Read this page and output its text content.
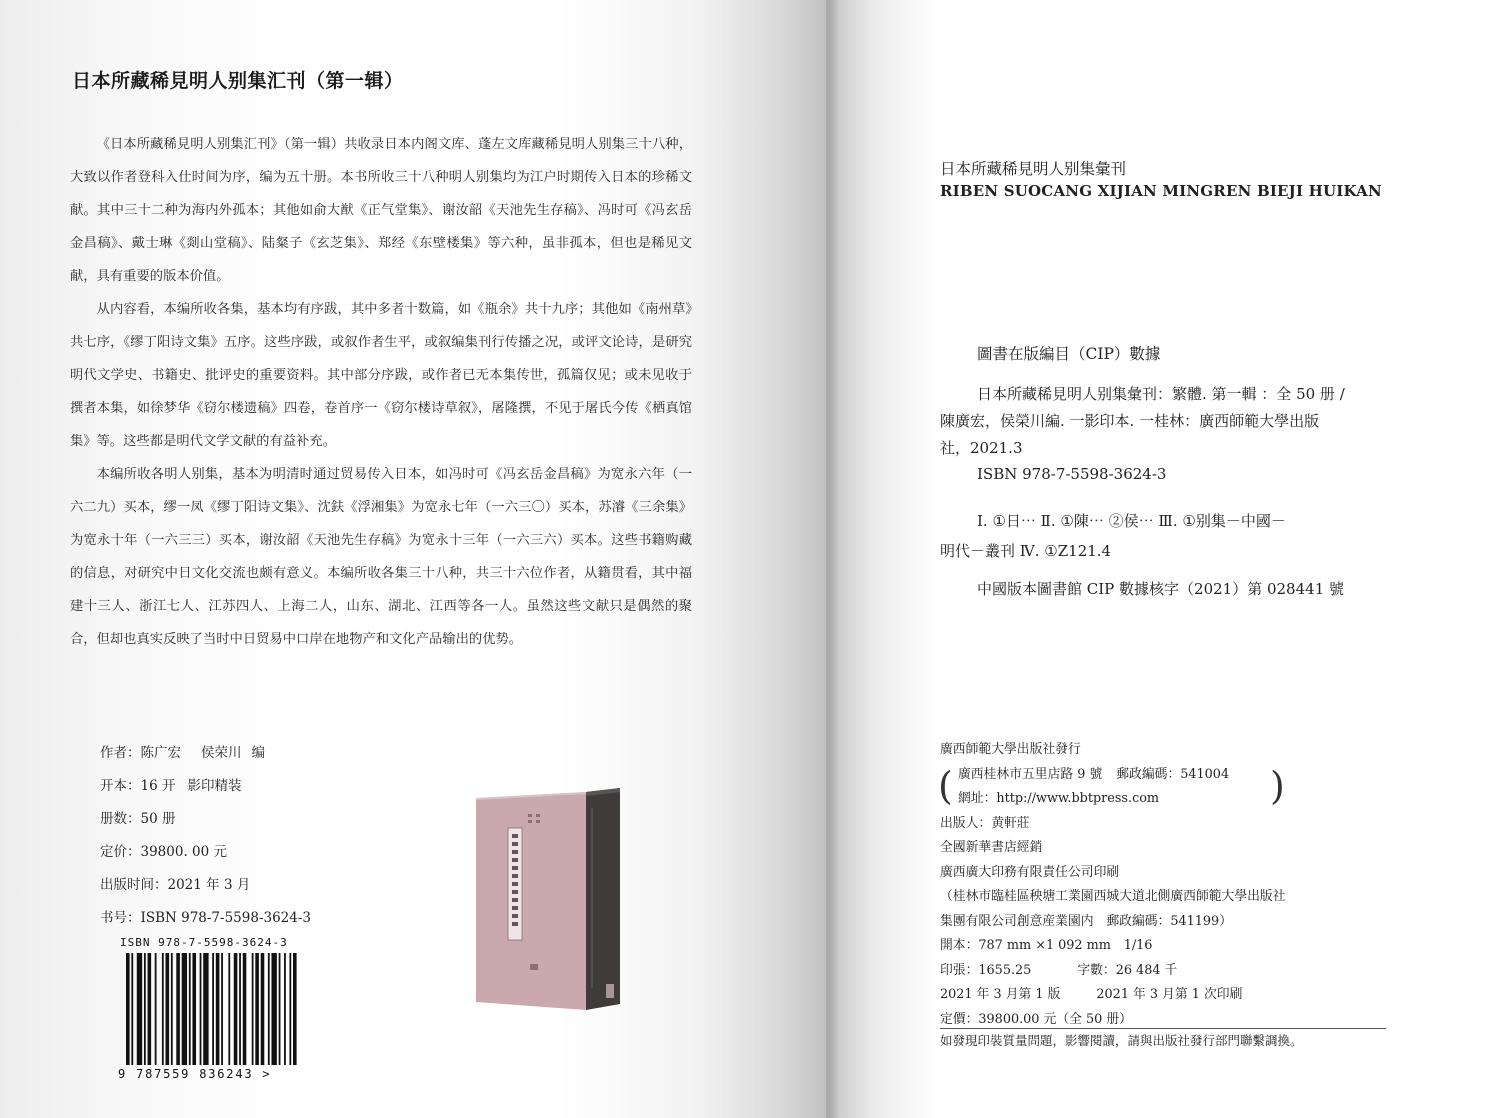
日本所藏稀見明人别集汇刊（第一辑）

《日本所藏稀見明人别集汇刊》（第一辑）共收录日本内阁文库、蓬左文库藏稀見明人别集三十八种，大致以作者登科入仕时间为序，编为五十册。本书所收三十八种明人别集均为江户时期传入日本的珍稀文献。其中三十二种为海内外孤本；其他如俞大猷《正气堂集》、谢汝韶《天池先生存稿》、冯时可《冯玄岳金昌稿》、戴士琳《剡山堂稿》、陆粲子《玄芝集》、郑经《东壁楼集》等六种，虽非孤本，但也是稀见文献，具有重要的版本价值。

从内容看，本编所收各集，基本均有序跋，其中多者十数篇，如《瓶余》共十九序；其他如《南州草》共七序，《缪丁阳诗文集》五序。这些序跋，或叙作者生平，或叙编集刊行传播之况，或评文论诗，是研究明代文学史、书籍史、批评史的重要资料。其中部分序跋，或作者已无本集传世，孤篇仅见；或未见收于撰者本集，如徐梦华《窃尔楼遗稿》四卷，卷首序一《窃尔楼诗草叙》，屠隆撰，不见于屠氏今传《栖真馆集》等。这些都是明代文学文献的有益补充。

本编所收各明人别集，基本为明清时通过贸易传入日本，如冯时可《冯玄岳金昌稿》为宽永六年（一六二九）买本，缪一凤《缪丁阳诗文集》、沈鈇《浮湘集》为宽永七年（一六三〇）买本，苏濬《三余集》为宽永十年（一六三三）买本，谢汝韶《天池先生存稿》为宽永十三年（一六三六）买本。这些书籍购藏的信息，对研究中日文化交流也颇有意义。本编所收各集三十八种，共三十六位作者，从籍贯看，其中福建十三人、浙江七人、江苏四人、上海二人，山东、湖北、江西等各一人。虽然这些文献只是偶然的聚合，但却也真实反映了当时中日贸易中口岸在地物产和文化产品输出的优势。

作者：陈广宏 侯荣川 编
开本：16 开 影印精装
册数：50 册
定价：39800. 00 元
出版时间：2021 年 3 月
书号：ISBN 978-7-5598-3624-3
ISBN 978-7-5598-3624-3
9 787559 836243 >
日本所藏稀見明人别集彙刊
RIBEN SUOCANG XIJIAN MINGREN BIEJI HUIKAN
圖書在版編目（CIP）數據
日本所藏稀見明人别集彙刊：繁體. 第一輯 ：全 50 册 /
陳廣宏，侯榮川編. 一影印本. 一桂林：廣西師範大學出版
社，2021.3
ISBN 978-7-5598-3624-3
Ⅰ. ①日⋯ Ⅱ. ①陳⋯ ②侯⋯ Ⅲ. ①别集－中國－
明代－叢刊 Ⅳ. ①Z121.4
中國版本圖書館 CIP 數據核字（2021）第 028441 號
廣西師範大學出版社發行
( 廣西桂林市五里店路 9 號 郵政編碼：541004
網址：http://www.bbtpress.com	)
出版人：黄軒莊
全國新華書店經銷
廣西廣大印務有限責任公司印刷
（桂林市臨桂區秧塘工業園西城大道北側廣西師範大學出版社
集團有限公司創意産業園内　郵政編碼：541199）
開本：787 mm ×1 092 mm　1/16
印張：1655.25	字數：26 484 千
2021 年 3 月第 1 版	2021 年 3 月第 1 次印刷
定價：39800.00 元（全 50 册）
如發現印裝質量問題，影響閱讀，請與出版社發行部門聯繫調換。
